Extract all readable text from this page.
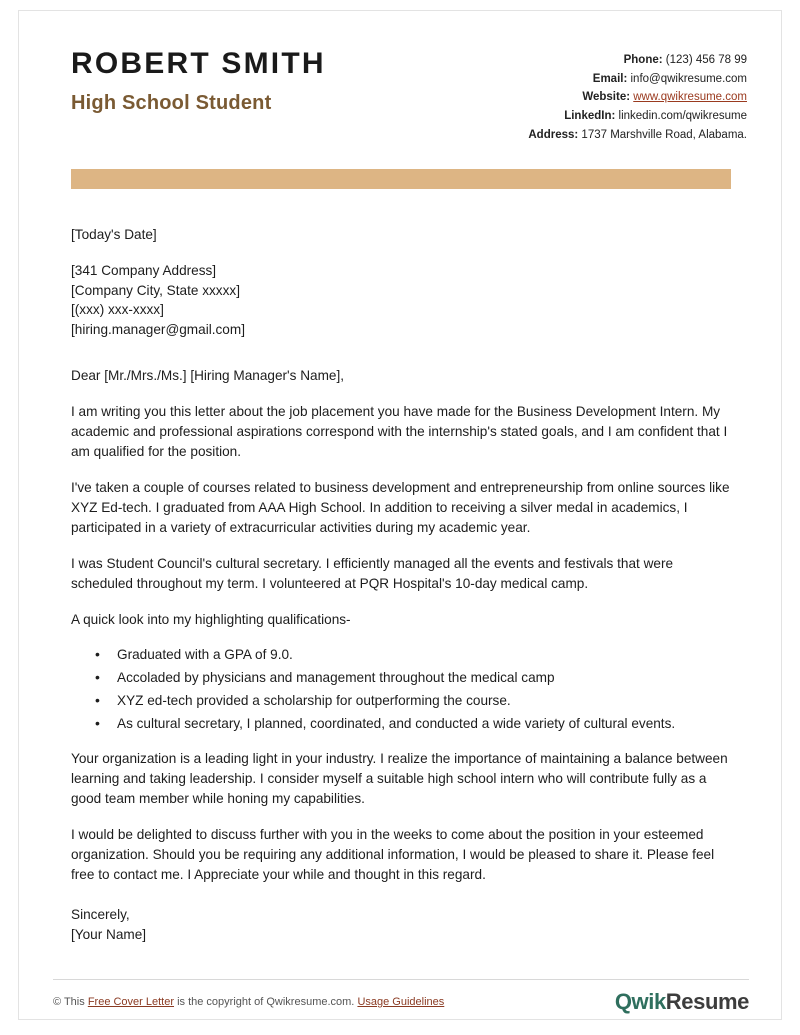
ROBERT SMITH
High School Student
Phone: (123) 456 78 99
Email: info@qwikresume.com
Website: www.qwikresume.com
LinkedIn: linkedin.com/qwikresume
Address: 1737 Marshville Road, Alabama.
[Today's Date]
[341 Company Address]
[Company City, State xxxxx]
[(xxx) xxx-xxxx]
[hiring.manager@gmail.com]

Dear [Mr./Mrs./Ms.] [Hiring Manager's Name],

I am writing you this letter about the job placement you have made for the Business Development Intern. My academic and professional aspirations correspond with the internship's stated goals, and I am confident that I am qualified for the position.

I've taken a couple of courses related to business development and entrepreneurship from online sources like XYZ Ed-tech. I graduated from AAA High School. In addition to receiving a silver medal in academics, I participated in a variety of extracurricular activities during my academic year.

I was Student Council's cultural secretary. I efficiently managed all the events and festivals that were scheduled throughout my term. I volunteered at PQR Hospital's 10-day medical camp.

A quick look into my highlighting qualifications-

• Graduated with a GPA of 9.0.
• Accoladed by physicians and management throughout the medical camp
• XYZ ed-tech provided a scholarship for outperforming the course.
• As cultural secretary, I planned, coordinated, and conducted a wide variety of cultural events.

Your organization is a leading light in your industry. I realize the importance of maintaining a balance between learning and taking leadership. I consider myself a suitable high school intern who will contribute fully as a good team member while honing my capabilities.

I would be delighted to discuss further with you in the weeks to come about the position in your esteemed organization. Should you be requiring any additional information, I would be pleased to share it. Please feel free to contact me. I Appreciate your while and thought in this regard.

Sincerely,
[Your Name]
© This Free Cover Letter is the copyright of Qwikresume.com. Usage Guidelines	QwikResume
